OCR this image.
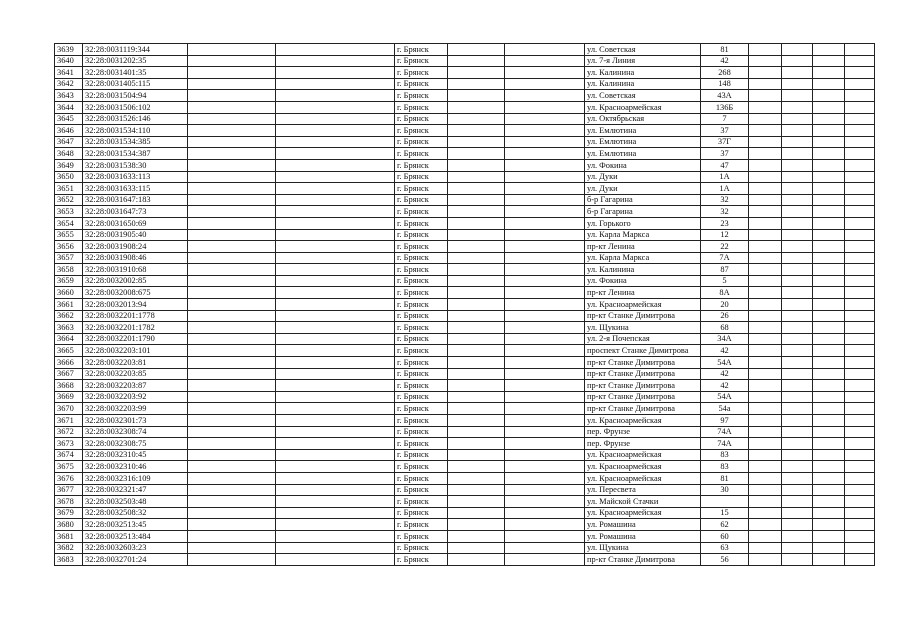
3639	32:28:0031119:344			г. Брянск			ул. Советская	81				
3640	32:28:0031202:35			г. Брянск			ул. 7-я Линия	42				
3641	32:28:0031401:35			г. Брянск			ул. Калинина	268				
3642	32:28:0031405:115			г. Брянск			ул. Калинина	148				
3643	32:28:0031504:94			г. Брянск			ул. Советская	43А				
3644	32:28:0031506:102			г. Брянск			ул. Красноармейская	136Б				
3645	32:28:0031526:146			г. Брянск			ул. Октябрьская	7				
3646	32:28:0031534:110			г. Брянск			ул. Емлютина	37				
3647	32:28:0031534:385			г. Брянск			ул. Емлютина	37Г				
3648	32:28:0031534:387			г. Брянск			ул. Емлютина	37				
3649	32:28:0031538:30			г. Брянск			ул. Фокина	47				
3650	32:28:0031633:113			г. Брянск			ул. Дуки	1А				
3651	32:28:0031633:115			г. Брянск			ул. Дуки	1А				
3652	32:28:0031647:183			г. Брянск			б-р Гагарина	32				
3653	32:28:0031647:73			г. Брянск			б-р Гагарина	32				
3654	32:28:0031650:69			г. Брянск			ул. Горького	23				
3655	32:28:0031905:40			г. Брянск			ул. Карла Маркса	12				
3656	32:28:0031908:24			г. Брянск			пр-кт Ленина	22				
3657	32:28:0031908:46			г. Брянск			ул. Карла Маркса	7А				
3658	32:28:0031910:68			г. Брянск			ул. Калинина	87				
3659	32:28:0032002:85			г. Брянск			ул. Фокина	5				
3660	32:28:0032008:675			г. Брянск			пр-кт Ленина	8А				
3661	32:28:0032013:94			г. Брянск			ул. Красноармейская	20				
3662	32:28:0032201:1778			г. Брянск			пр-кт Станке Димитрова	26				
3663	32:28:0032201:1782			г. Брянск			ул. Щукина	68				
3664	32:28:0032201:1790			г. Брянск			ул. 2-я Почепская	34А				
3665	32:28:0032203:101			г. Брянск			проспект Станке Димитрова	42				
3666	32:28:0032203:81			г. Брянск			пр-кт Станке Димитрова	54А				
3667	32:28:0032203:85			г. Брянск			пр-кт Станке Димитрова	42				
3668	32:28:0032203:87			г. Брянск			пр-кт Станке Димитрова	42				
3669	32:28:0032203:92			г. Брянск			пр-кт Станке Димитрова	54А				
3670	32:28:0032203:99			г. Брянск			пр-кт Станке Димитрова	54а				
3671	32:28:0032301:73			г. Брянск			ул. Красноармейская	97				
3672	32:28:0032308:74			г. Брянск			пер. Фрунзе	74А				
3673	32:28:0032308:75			г. Брянск			пер. Фрунзе	74А				
3674	32:28:0032310:45			г. Брянск			ул. Красноармейская	83				
3675	32:28:0032310:46			г. Брянск			ул. Красноармейская	83				
3676	32:28:0032316:109			г. Брянск			ул. Красноармейская	81				
3677	32:28:0032321:47			г. Брянск			ул. Пересвета	30				
3678	32:28:0032503:48			г. Брянск			ул. Майской Стачки					
3679	32:28:0032508:32			г. Брянск			ул. Красноармейская	15				
3680	32:28:0032513:45			г. Брянск			ул. Ромашина	62				
3681	32:28:0032513:484			г. Брянск			ул. Ромашина	60				
3682	32:28:0032603:23			г. Брянск			ул. Щукина	63				
3683	32:28:0032701:24			г. Брянск			пр-кт Станке Димитрова	56				
